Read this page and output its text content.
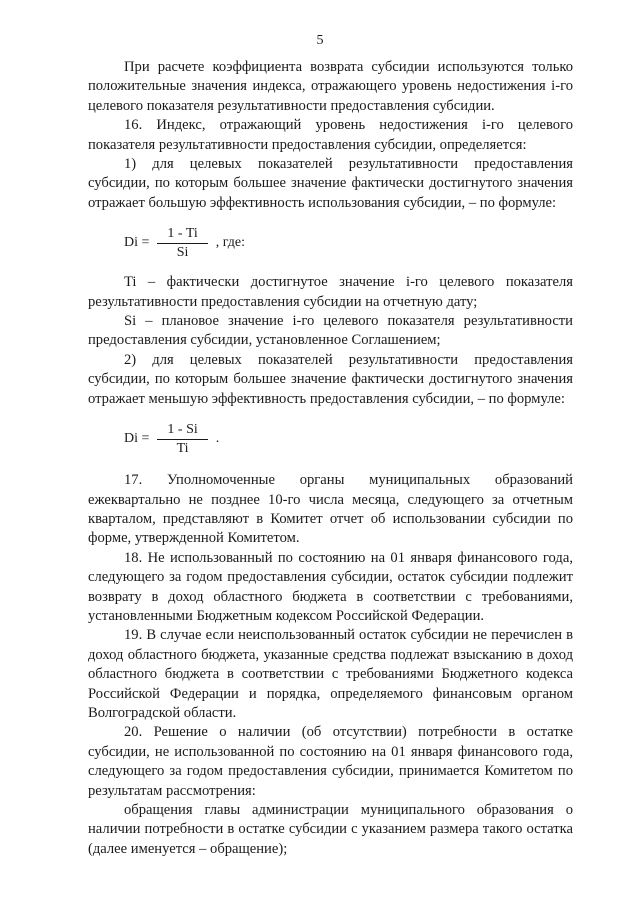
5

При расчете коэффициента возврата субсидии используются только положительные значения индекса, отражающего уровень недостижения i-го целевого показателя результативности предоставления субсидии.

16. Индекс, отражающий уровень недостижения i-го целевого показателя результативности предоставления субсидии, определяется:

1) для целевых показателей результативности предоставления субсидии, по которым большее значение фактически достигнутого значения отражает большую эффективность использования субсидии, – по формуле:

$Di = \frac{1 - Ti}{Si}$ , где:

Ti – фактически достигнутое значение i-го целевого показателя результативности предоставления субсидии на отчетную дату;

Si – плановое значение i-го целевого показателя результативности предоставления субсидии, установленное Соглашением;

2) для целевых показателей результативности предоставления субсидии, по которым большее значение фактически достигнутого значения отражает меньшую эффективность предоставления субсидии, – по формуле:

$Di = \frac{1 - Si}{Ti}$ .

17. Уполномоченные органы муниципальных образований ежеквартально не позднее 10-го числа месяца, следующего за отчетным кварталом, представляют в Комитет отчет об использовании субсидии по форме, утвержденной Комитетом.

18. Не использованный по состоянию на 01 января финансового года, следующего за годом предоставления субсидии, остаток субсидии подлежит возврату в доход областного бюджета в соответствии с требованиями, установленными Бюджетным кодексом Российской Федерации.

19. В случае если неиспользованный остаток субсидии не перечислен в доход областного бюджета, указанные средства подлежат взысканию в доход областного бюджета в соответствии с требованиями Бюджетного кодекса Российской Федерации и порядка, определяемого финансовым органом Волгоградской области.

20. Решение о наличии (об отсутствии) потребности в остатке субсидии, не использованной по состоянию на 01 января финансового года, следующего за годом предоставления субсидии, принимается Комитетом по результатам рассмотрения:

обращения главы администрации муниципального образования о наличии потребности в остатке субсидии с указанием размера такого остатка (далее именуется – обращение);
